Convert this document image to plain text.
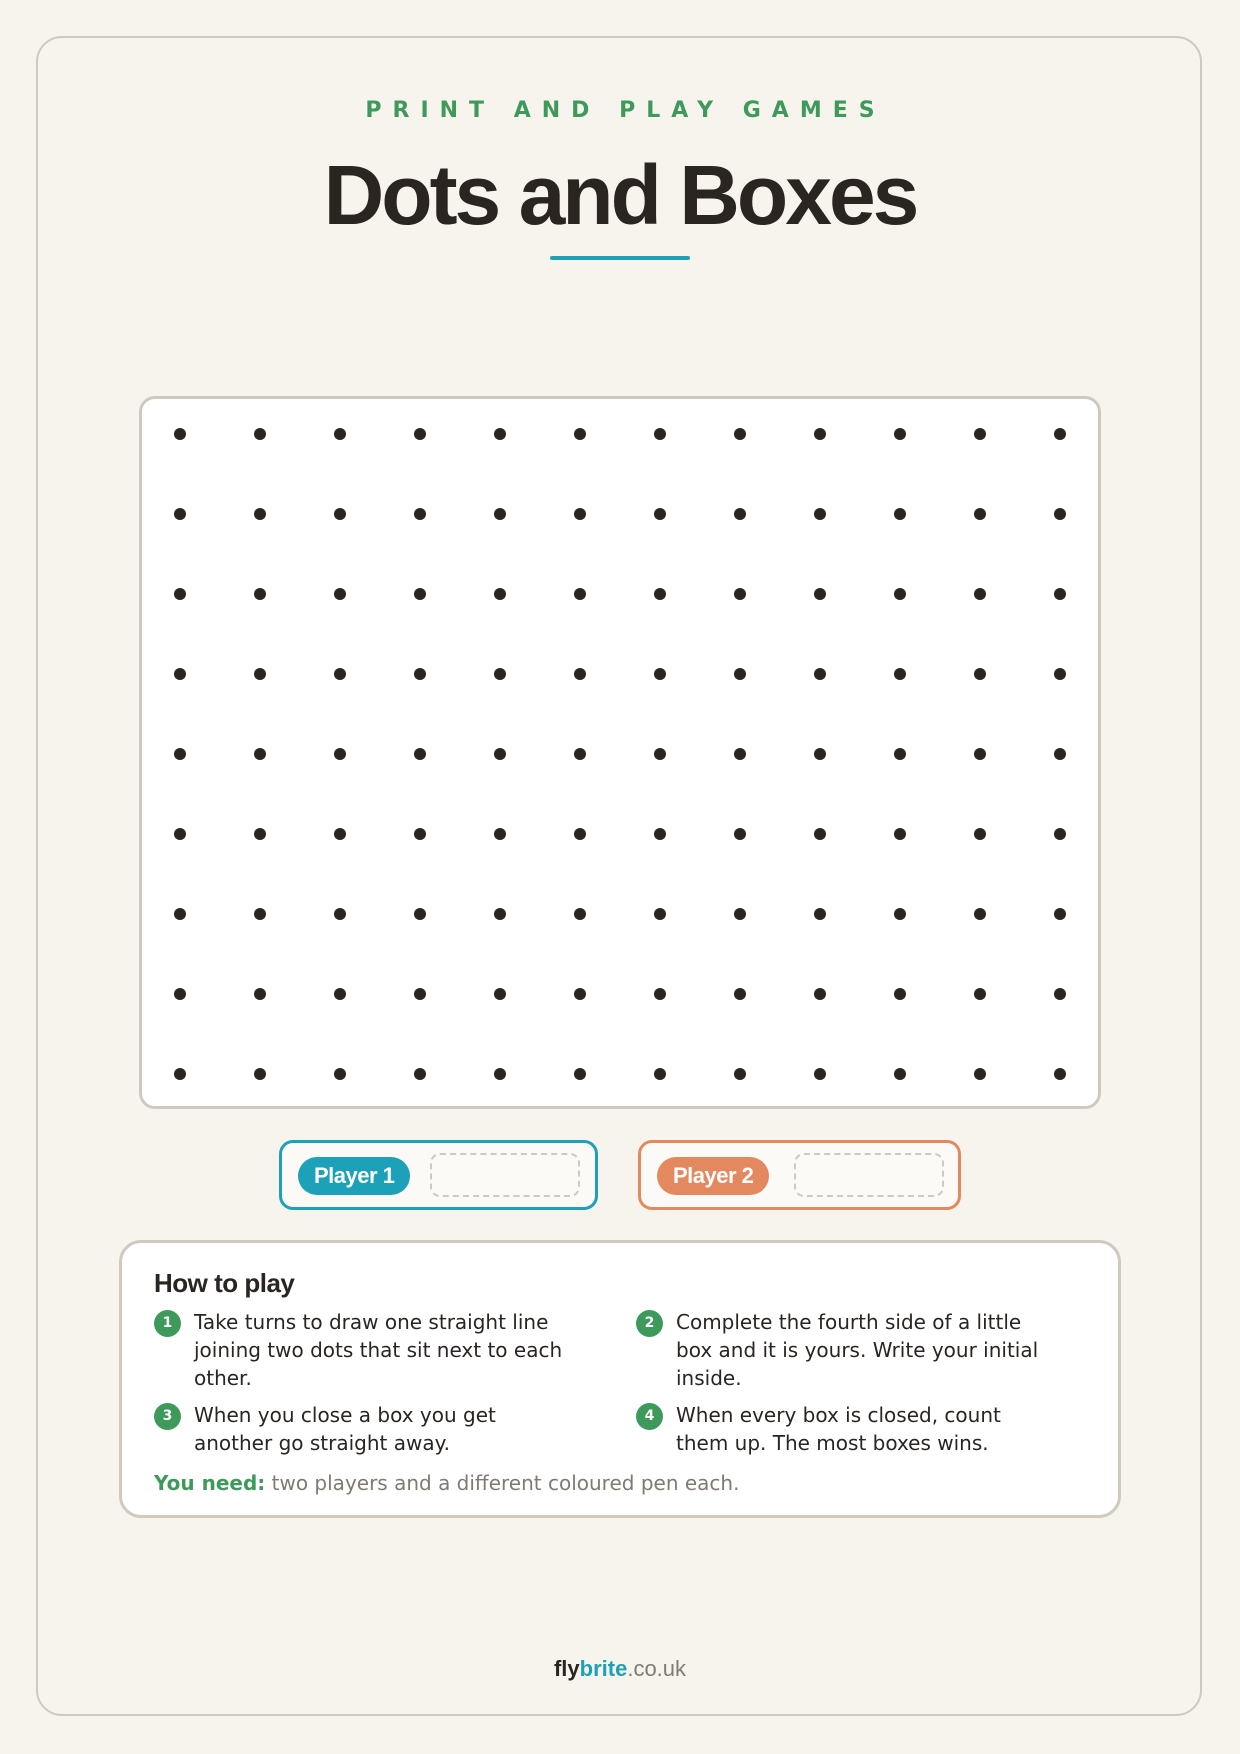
PRINT AND PLAY GAMES
Dots and Boxes
Player 1	Player 2
How to play
1	Take turns to draw one straight line joining two dots that sit next to each other.
2	Complete the fourth side of a little box and it is yours. Write your initial inside.
3	When you close a box you get another go straight away.
4	When every box is closed, count them up. The most boxes wins.
You need: two players and a different coloured pen each.
flybrite.co.uk
